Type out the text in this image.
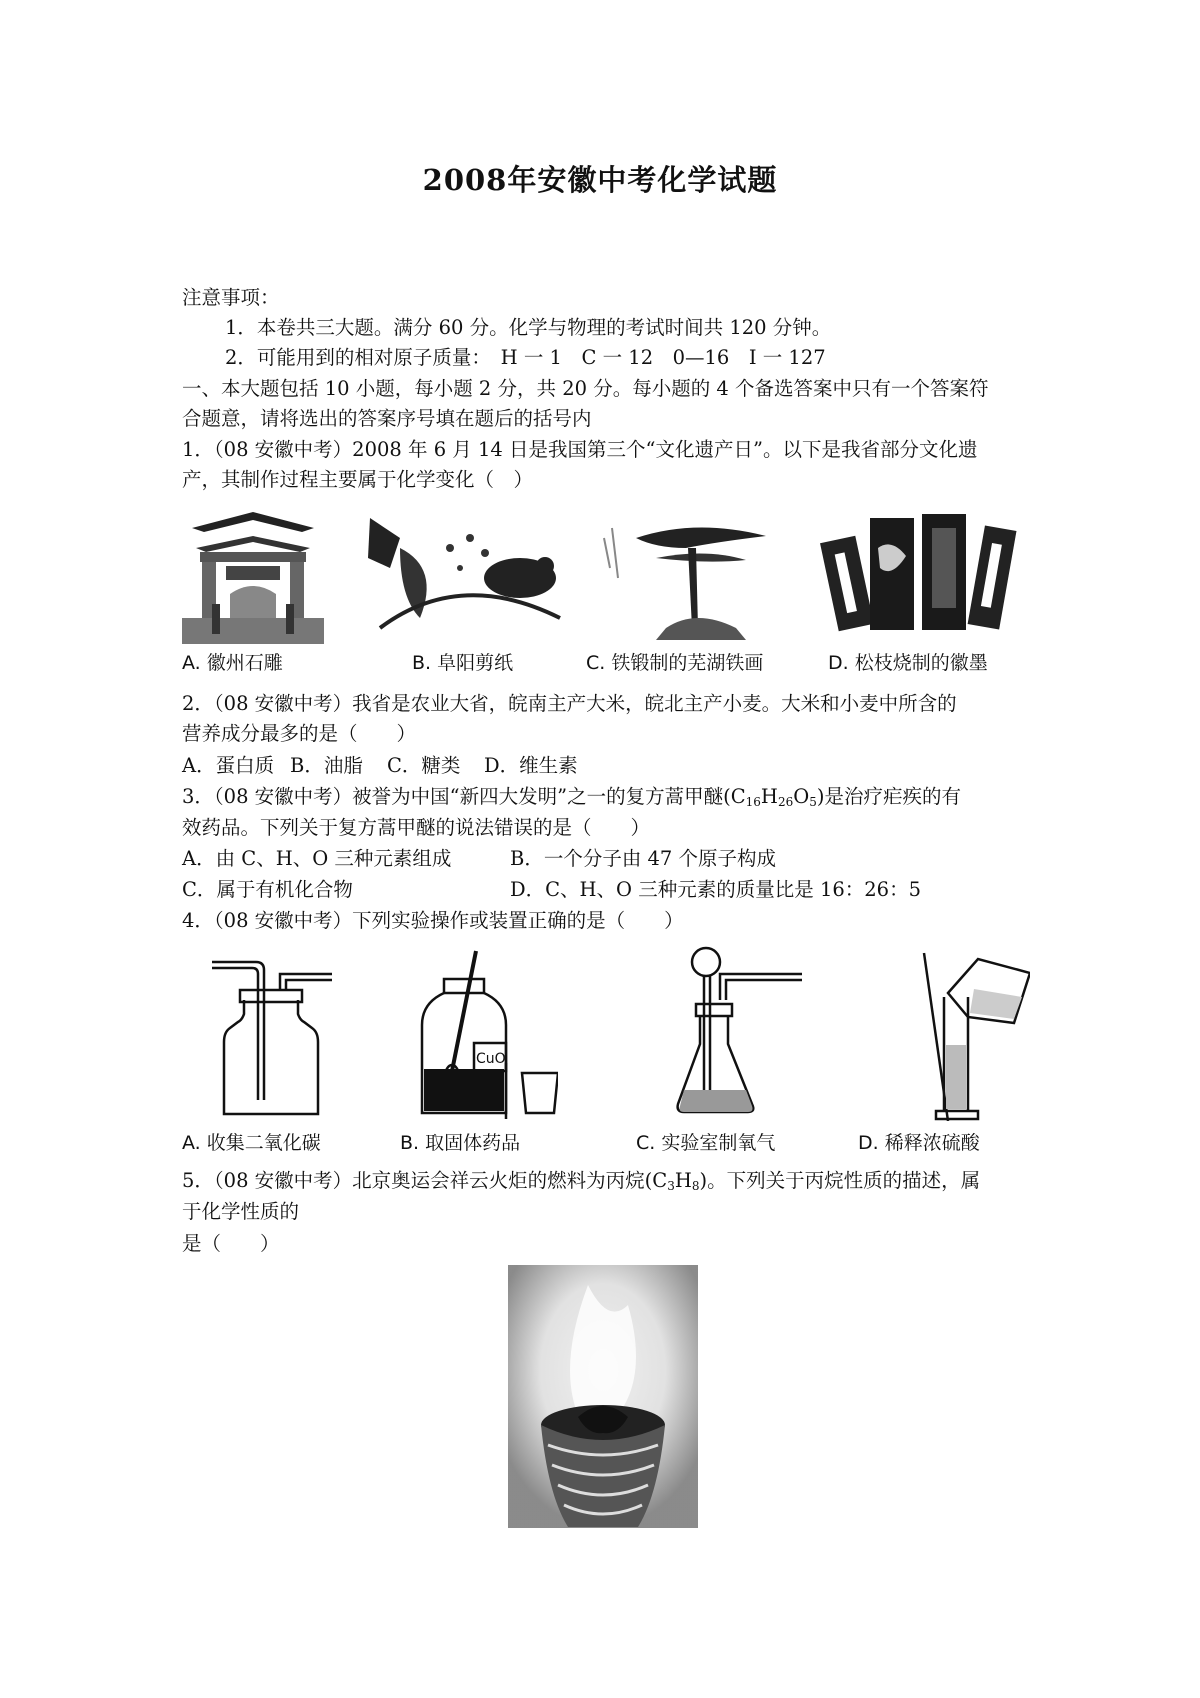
2008年安徽中考化学试题
注意事项：
1．本卷共三大题。满分 60 分。化学与物理的考试时间共 120 分钟。
2．可能用到的相对原子质量：　H 一 1　C 一 12　0—16　I 一 127
一、本大题包括 10 小题，每小题 2 分，共 20 分。每小题的 4 个备选答案中只有一个答案符
合题意，请将选出的答案序号填在题后的括号内
1．（08 安徽中考）2008 年 6 月 14 日是我国第三个“文化遗产日”。以下是我省部分文化遗
产，其制作过程主要属于化学变化（　）
A. 徽州石雕	B. 阜阳剪纸	C. 铁锻制的芜湖铁画	D. 松枝烧制的徽墨
2．（08 安徽中考）我省是农业大省，皖南主产大米，皖北主产小麦。大米和小麦中所含的
营养成分最多的是（　　）
A．蛋白质 B．油脂 C．糖类 D．维生素
3．（08 安徽中考）被誉为中国“新四大发明”之一的复方蒿甲醚$(C_{16}H_{26}O_5)$是治疗疟疾的有
效药品。下列关于复方蒿甲醚的说法错误的是（　　）
A．由 C、H、O 三种元素组成	B．一个分子由 47 个原子构成
C．属于有机化合物	D．C、H、O 三种元素的质量比是 16：26：5
4．（08 安徽中考）下列实验操作或装置正确的是（　　）
CuO
A. 收集二氧化碳	B. 取固体药品	C. 实验室制氧气	D. 稀释浓硫酸
5．（08 安徽中考）北京奥运会祥云火炬的燃料为丙烷$(C_3H_8)$。下列关于丙烷性质的描述，属
于化学性质的
是（　　）
